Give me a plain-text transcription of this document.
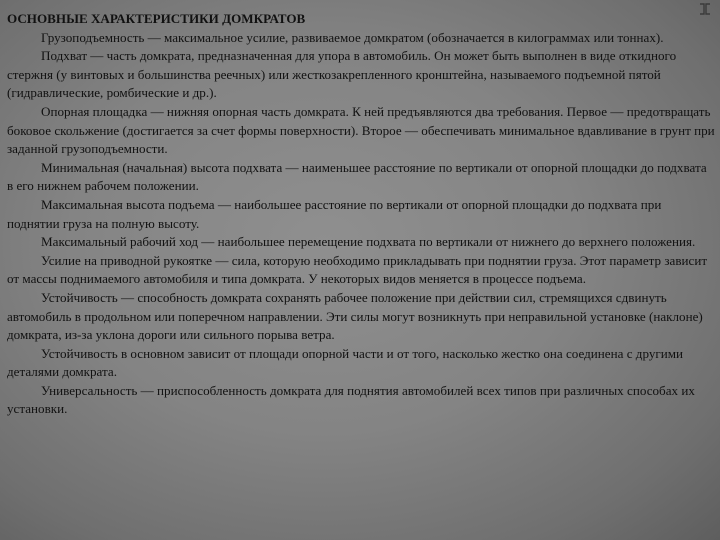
ОСНОВНЫЕ ХАРАКТЕРИСТИКИ ДОМКРАТОВ

Грузоподъемность — максимальное усилие, развиваемое домкратом (обозначается в килограммах или тоннах).

Подхват — часть домкрата, предназначенная для упора в автомобиль. Он может быть выполнен в виде откидного стержня (у винтовых и большинства реечных) или жесткозакрепленного кронштейна, называемого подъемной пятой (гидравлические, ромбические и др.).

Опорная площадка — нижняя опорная часть домкрата. К ней предъявляются два требования. Первое — предотвращать боковое скольжение (достигается за счет формы поверхности). Второе — обеспечивать минимальное вдавливание в грунт при заданной грузоподъемности.

Минимальная (начальная) высота подхвата — наименьшее расстояние по вертикали от опорной площадки до подхвата в его нижнем рабочем положении.

Максимальная высота подъема — наибольшее расстояние по вертикали от опорной площадки до подхвата при поднятии груза на полную высоту.

Максимальный рабочий ход — наибольшее перемещение подхвата по вертикали от нижнего до верхнего положения.

Усилие на приводной рукоятке — сила, которую необходимо прикладывать при поднятии груза. Этот параметр зависит от массы поднимаемого автомобиля и типа домкрата. У некоторых видов меняется в процессе подъема.

Устойчивость — способность домкрата сохранять рабочее положение при действии сил, стремящихся сдвинуть автомобиль в продольном или поперечном направлении. Эти силы могут возникнуть при неправильной установке (наклоне) домкрата, из-за уклона дороги или сильного порыва ветра.

Устойчивость в основном зависит от площади опорной части и от того, насколько жестко она соединена с другими деталями домкрата.

Универсальность — приспособленность домкрата для поднятия автомобилей всех типов при различных способах их установки.
